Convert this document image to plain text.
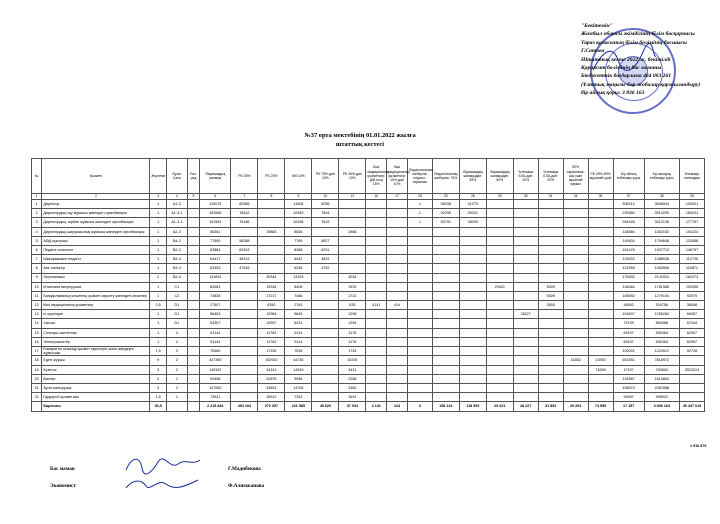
"Бекітемін"
Жамбыл облысы әкімдігінің білім басқармасы
Тараз қаласының білім бөлімінің басшысы
Г.Сатова
Штаттық кесте 2022 ж. бекітілді
Қаражат бөлімінің бас маманы
Бюджеттік бағдарлама 464 003 261
(Ұлттық маңызы бар жобалар қаржыландыру)
бір айлық қоры: 3 836 163
№37 орта мектебінің 01.01.2022 жылға
штаттық кестесі
№	Қызметі	Жүктеме	Бұзат Саты	Раз-ряд	Лауазымдық жалақы	РБ 35%	РБ 25%	ЖК 10%	РК 75%-дан 10%	РБ 25%-дан 10%	Кіші медициналық қызметкер: ДЖ-ның 15%	Кіші медициналық қызметкер: 15%-дан 10%	Педагогикалық шеберлік: педагог-сарапшы	Педагогикалық шеберлік: 75%	Лауазымдық жалақыдан: 35%	Лауазымдық жалақыдан: 50%	Үстемақы БЛА-дан: 20%	Үстемақы БЛА-дан: 20%	50% сараптама-шы үшін ақшалай қаржы	РБ 25%-50% ақшалай үшін	Бір айлық енбекақы қоры	Бір жылдық енбекақы қоры	Өтемақы төлемдері
1	2	3	4	5	6	7	8	9	10	12	16	17	18	25	28	29	30	31	34	35	37	38	39
1	Директор	1	А1-3		110075	82556		11008	8256				1	55038	41279						308212	3698544	192631
2	Директордың оқу жұмысы жөніндегі орынбасары	1	А1-3-1		104589	78442		10459	7844				1	52295	39221						292850	3514200	183031
3	Директордың тәрбие жұмысы жөніндегі орынбасары	1	А1-3-1		101581	76186		10158	7619				1	50791	38093						284428	3413136	177767
4	Директордың шаруашылық жұмысы жөніндегі орынбасары	1	А2-3		86361		19863	8636		1986											116846	1402152	104224
5	АӘД оқытушы	1	В4-2		77690	58268		7769	5827												149534	1794648	133958
6	Педагог-психолог	1	В2-3		83884	62913		8388	6291												161476	1937712	146797
7	Шығармашыл педагог	1	В3-4		64417	48313		6442	4831												124003	1488036	112730
8	Аға тәлімгер	1	В3-4		63353	47516		6336	4752												121959	1463508	110871
9	Зертханашы	2	В3-4		131691		30344	13193		3034											178302	2142024	162273
10	Кітапхана меңгерушісі	1	С1		84061		19334	8406		1933						29421		5309			148464	1781568	103395
11	Бағдарламалық кешеннің қызмет көрсету жөніндегі инженер	1	С2		74838		17217	7486		1722								5309			106592	1279104	92075
12	Кіші медициналық қызметкер	0,5	D1		27607		6350	2761		635	4141	414						2655			44563	534756	38098
13	Іс жүргізуші	1	D1		56453		12984	5645		1298							28227				104607	1255284	69457
14	Хатшы	1	D1		54307		12557	5431		1254											73749	884988	67044
15	Слесарь-сантехник	1	4		51144		11763	5114		1176											69197	830364	62907
16	Электромонтёр	1	4		51144		11763	5114		1176											69197	830364	62907
17	Ғимаратты кешенді қызмет көрсетуге және жөндеуге жұмысшы	1,5	3		75389		17339	7539		1734											102001	1224012	92728
18	Еден жуушы	9	2		447360		102930	44736		10294									31852	13930	651551	7818972	
19	Күзетші	3	2		149187		34313	14919		3431										74595	17157	293602	3523224
20	Вахтер	2	2		99458		22875	9946		2288											134567	1614804	
21	Аула сыпырушы	3	2		147062		33824	14706		3382											198974	2387688	
22	Гардероб қызметшісі	1,5	1		73531		16912	7353		1691											99487	596922	
	Барлығы:	36,5			2 215 844	454 194	270 357	221 585	45 620	37 034	4 141	414	3	158 124	118 593	29 421	28 227	31 852	29 203	74 595	17 157	3 836 163	45 437 019
Бас маман	Г.Мадибекова
Экономист	Ф.Алимжанова
1 916 876
